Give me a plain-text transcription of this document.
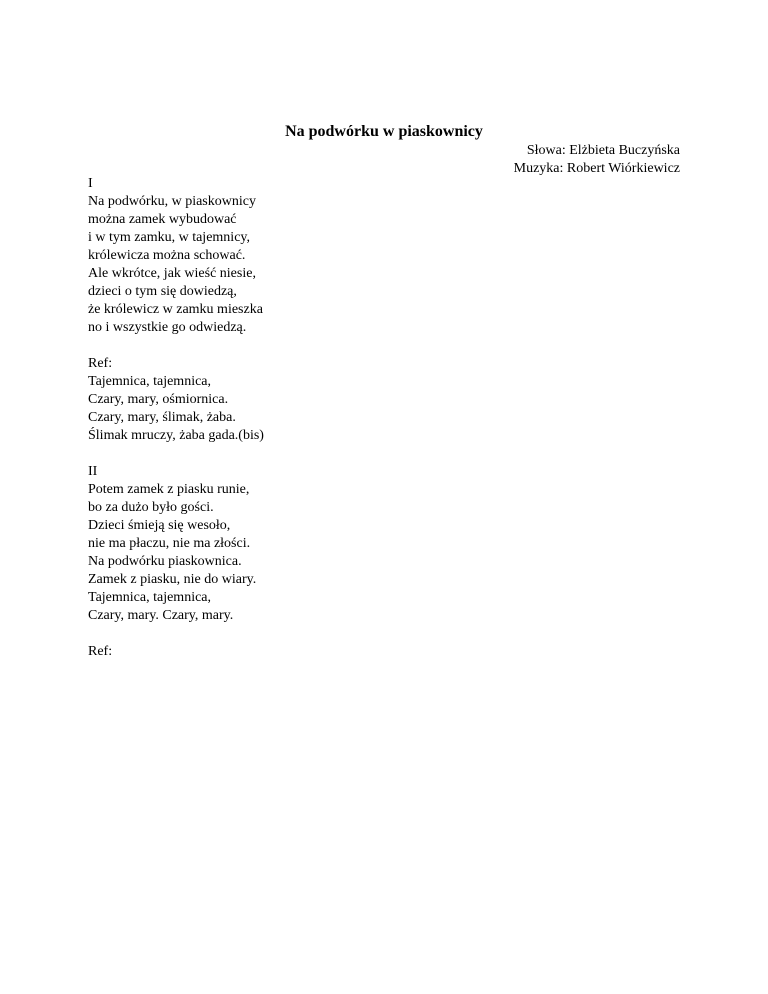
Na podwórku w piaskownicy
Słowa: Elżbieta Buczyńska
Muzyka: Robert Wiórkiewicz
I
Na podwórku, w piaskownicy
można zamek wybudować
i w tym zamku, w tajemnicy,
królewicza można schować.
Ale wkrótce, jak wieść niesie,
dzieci o tym się dowiedzą,
że królewicz w zamku mieszka
no i wszystkie go odwiedzą.
Ref:
Tajemnica, tajemnica,
Czary, mary, ośmiornica.
Czary, mary, ślimak, żaba.
Ślimak mruczy, żaba gada.(bis)
II
Potem zamek z piasku runie,
bo za dużo było gości.
Dzieci śmieją się wesoło,
nie ma płaczu, nie ma złości.
Na podwórku piaskownica.
Zamek z piasku, nie do wiary.
Tajemnica, tajemnica,
Czary, mary. Czary, mary.
Ref:
